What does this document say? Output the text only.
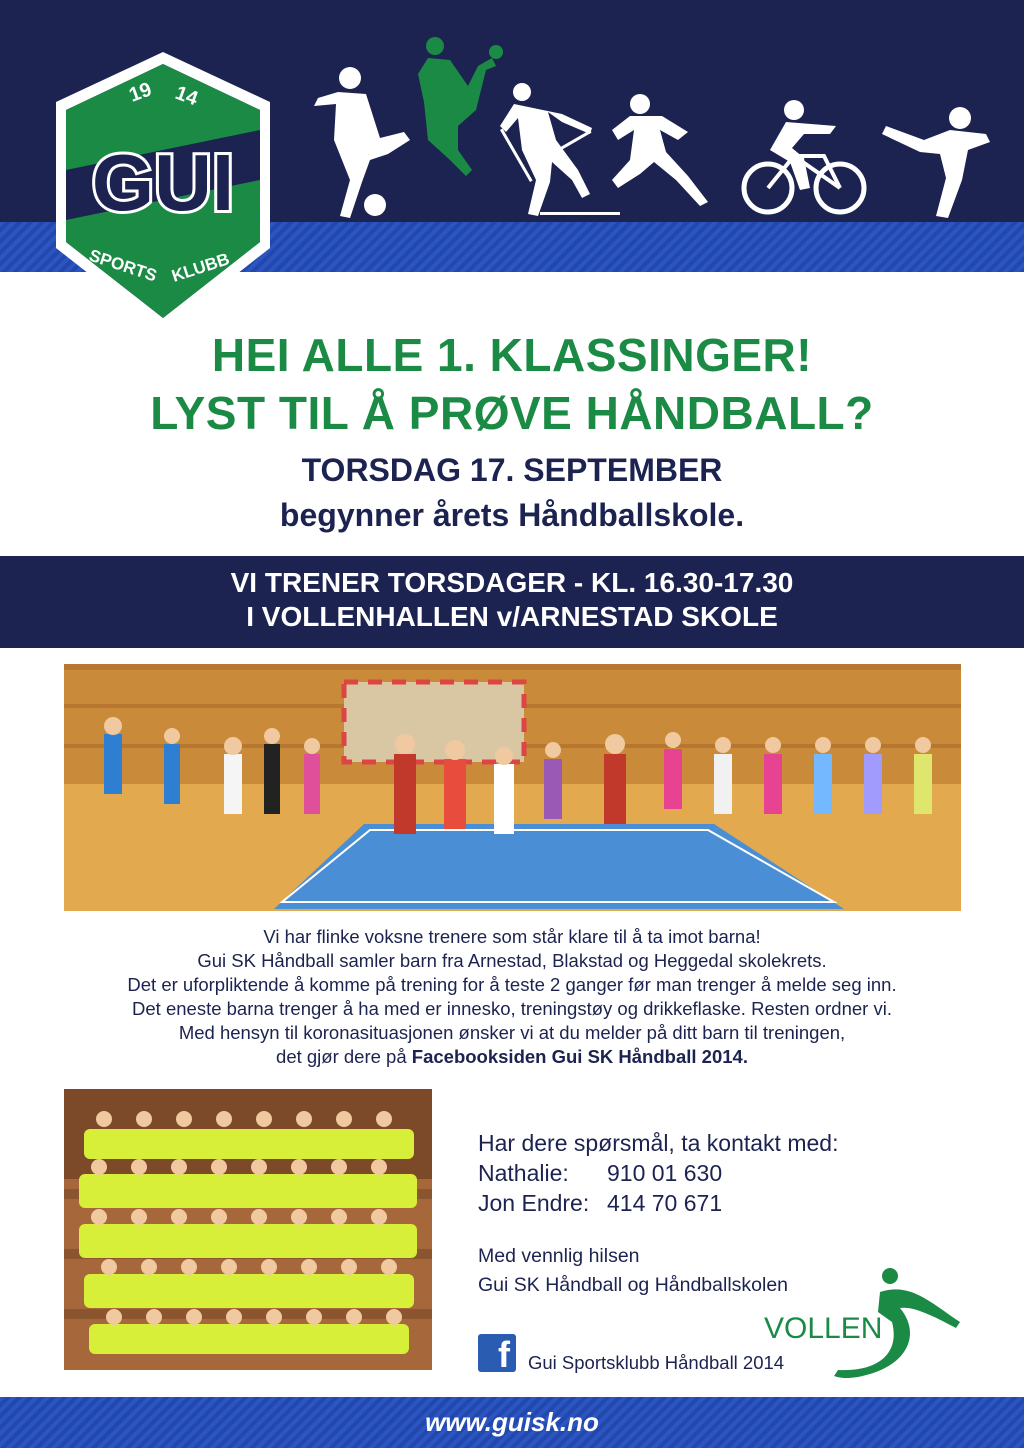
19 14
GUI
SPORTS KLUBB
HEI ALLE 1. KLASSINGER!
LYST TIL Å PRØVE HÅNDBALL?
TORSDAG 17. SEPTEMBER
begynner årets Håndballskole.

VI TRENER TORSDAGER - KL. 16.30-17.30

I VOLLENHALLEN v/ARNESTAD SKOLE

Vi har flinke voksne trenere som står klare til å ta imot barna!

Gui SK Håndball samler barn fra Arnestad, Blakstad og Heggedal skolekrets.

Det er uforpliktende å komme på trening for å teste 2 ganger før man trenger å melde seg inn.

Det eneste barna trenger å ha med er innesko, treningstøy og drikkeflaske. Resten ordner vi.

Med hensyn til koronasituasjonen ønsker vi at du melder på ditt barn til treningen,

det gjør dere på Facebooksiden Gui SK Håndball 2014.

Har dere spørsmål, ta kontakt med:
Nathalie:	910 01 630
Jon Endre: 414 70 671
Med vennlig hilsen
Gui SK Håndball og Håndballskolen
f Gui Sportsklubb Håndball 2014
VOLLEN
www.guisk.no
